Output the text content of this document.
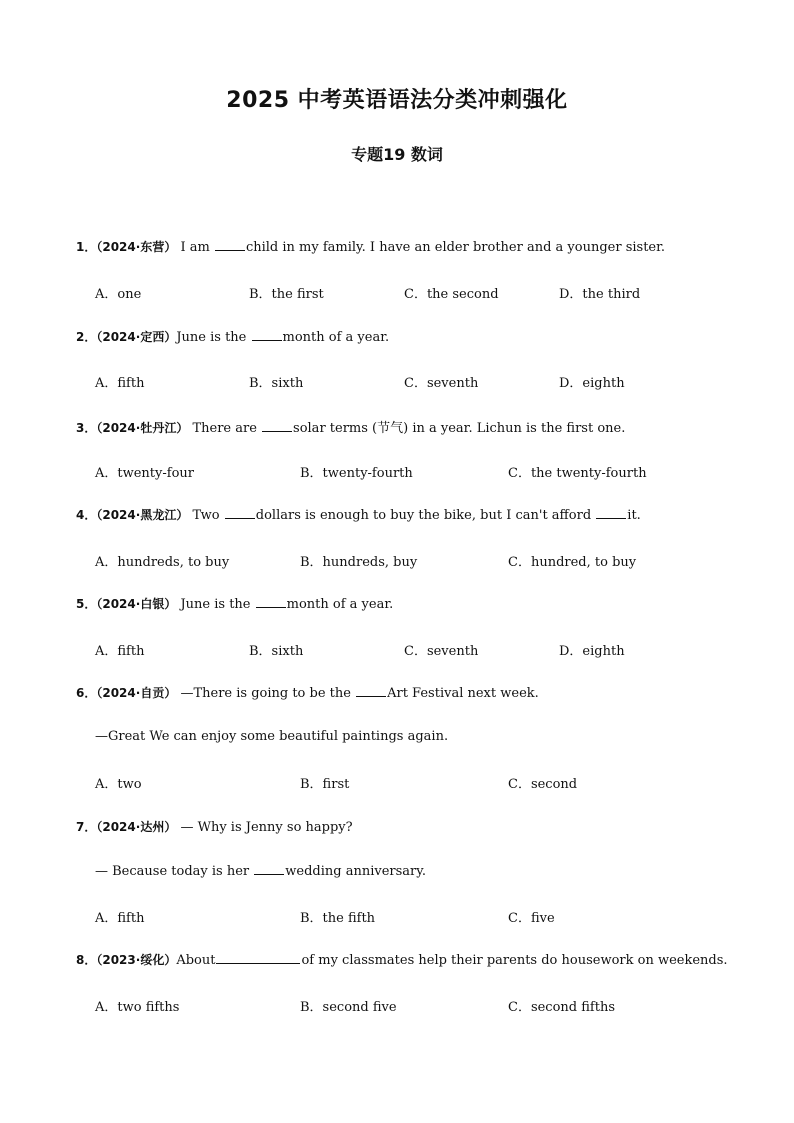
2025 中考英语语法分类冲刺强化
专题19 数词
1．（2024·东营） I am child in my family. I have an elder brother and a younger sister.
A．one	B．the first	C．the second	D．the third
2．（2024·定西）June is the month of a year.
A．fifth	B．sixth	C．seventh	D．eighth
3．（2024·牡丹江） There are solar terms (节气) in a year. Lichun is the first one.
A．twenty-four	B．twenty-fourth	C．the twenty-fourth
4．（2024·黑龙江） Two dollars is enough to buy the bike, but I can't afford it.
A．hundreds, to buy	B．hundreds, buy	C．hundred, to buy
5．（2024·白银） June is the month of a year.
A．fifth	B．sixth	C．seventh	D．eighth
6．（2024·自贡） —There is going to be the Art Festival next week.
—Great We can enjoy some beautiful paintings again.
A．two	B．first	C．second
7．（2024·达州） — Why is Jenny so happy?
— Because today is her wedding anniversary.
A．fifth	B．the fifth	C．five
8．（2023·绥化）About	of my classmates help their parents do housework on weekends.
A．two fifths	B．second five	C．second fifths
